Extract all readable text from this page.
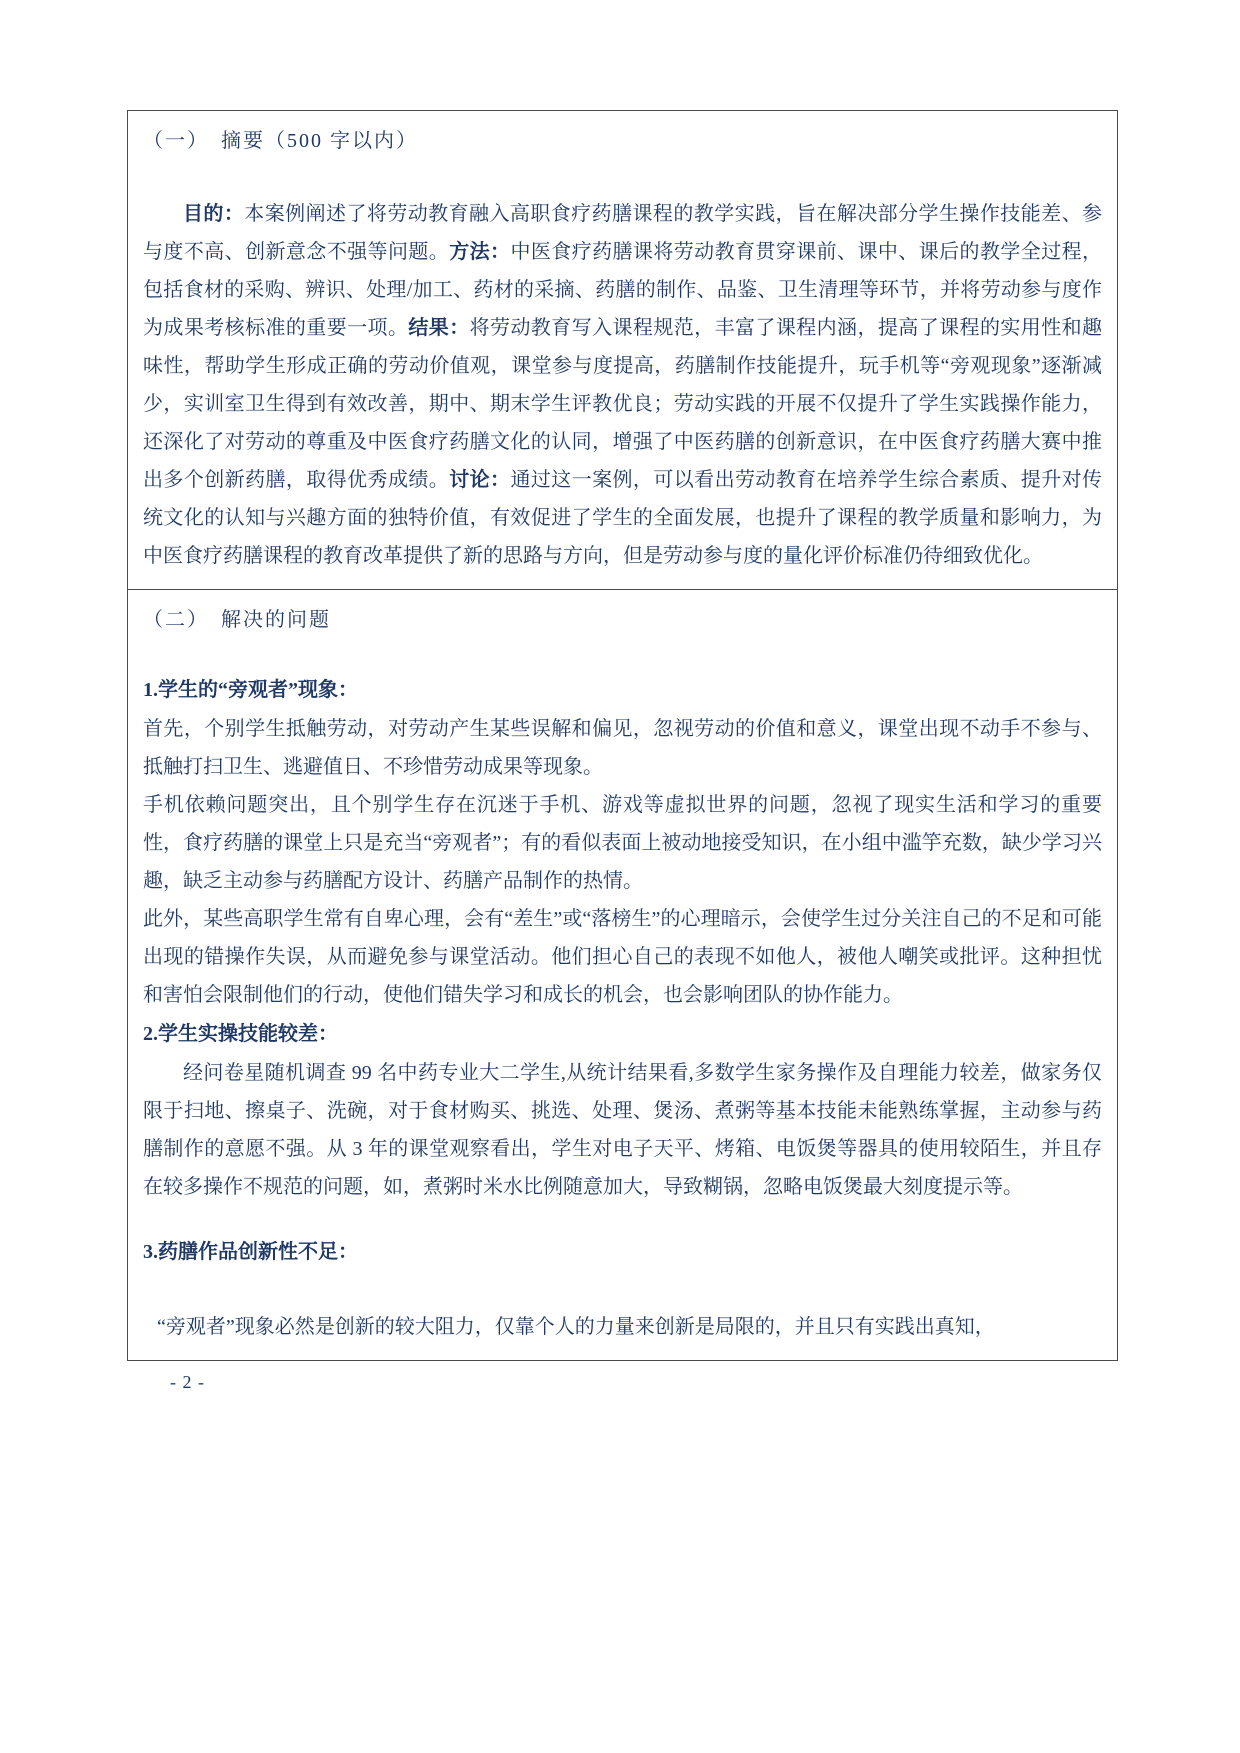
（一）　摘要（500 字以内）

目的：本案例阐述了将劳动教育融入高职食疗药膳课程的教学实践，旨在解决部分学生操作技能差、参与度不高、创新意念不强等问题。方法：中医食疗药膳课将劳动教育贯穿课前、课中、课后的教学全过程，包括食材的采购、辨识、处理/加工、药材的采摘、药膳的制作、品鉴、卫生清理等环节，并将劳动参与度作为成果考核标准的重要一项。结果：将劳动教育写入课程规范，丰富了课程内涵，提高了课程的实用性和趣味性，帮助学生形成正确的劳动价值观，课堂参与度提高，药膳制作技能提升，玩手机等“旁观现象”逐渐减少，实训室卫生得到有效改善，期中、期末学生评教优良；劳动实践的开展不仅提升了学生实践操作能力，还深化了对劳动的尊重及中医食疗药膳文化的认同，增强了中医药膳的创新意识，在中医食疗药膳大赛中推出多个创新药膳，取得优秀成绩。讨论：通过这一案例，可以看出劳动教育在培养学生综合素质、提升对传统文化的认知与兴趣方面的独特价值，有效促进了学生的全面发展，也提升了课程的教学质量和影响力，为中医食疗药膳课程的教育改革提供了新的思路与方向，但是劳动参与度的量化评价标准仍待细致优化。

（二）　解决的问题
1.学生的“旁观者”现象：

首先，个别学生抵触劳动，对劳动产生某些误解和偏见，忽视劳动的价值和意义，课堂出现不动手不参与、抵触打扫卫生、逃避值日、不珍惜劳动成果等现象。

手机依赖问题突出，且个别学生存在沉迷于手机、游戏等虚拟世界的问题，忽视了现实生活和学习的重要性，食疗药膳的课堂上只是充当“旁观者”；有的看似表面上被动地接受知识，在小组中滥竽充数，缺少学习兴趣，缺乏主动参与药膳配方设计、药膳产品制作的热情。

此外，某些高职学生常有自卑心理，会有“差生”或“落榜生”的心理暗示，会使学生过分关注自己的不足和可能出现的错操作失误，从而避免参与课堂活动。他们担心自己的表现不如他人，被他人嘲笑或批评。这种担忧和害怕会限制他们的行动，使他们错失学习和成长的机会，也会影响团队的协作能力。

2.学生实操技能较差：

经问卷星随机调查 99 名中药专业大二学生,从统计结果看,多数学生家务操作及自理能力较差，做家务仅限于扫地、擦桌子、洗碗，对于食材购买、挑选、处理、煲汤、煮粥等基本技能未能熟练掌握，主动参与药膳制作的意愿不强。从 3 年的课堂观察看出，学生对电子天平、烤箱、电饭煲等器具的使用较陌生，并且存在较多操作不规范的问题，如，煮粥时米水比例随意加大，导致糊锅，忽略电饭煲最大刻度提示等。

3.药膳作品创新性不足：

“旁观者”现象必然是创新的较大阻力，仅靠个人的力量来创新是局限的，并且只有实践出真知，

- 2 -
